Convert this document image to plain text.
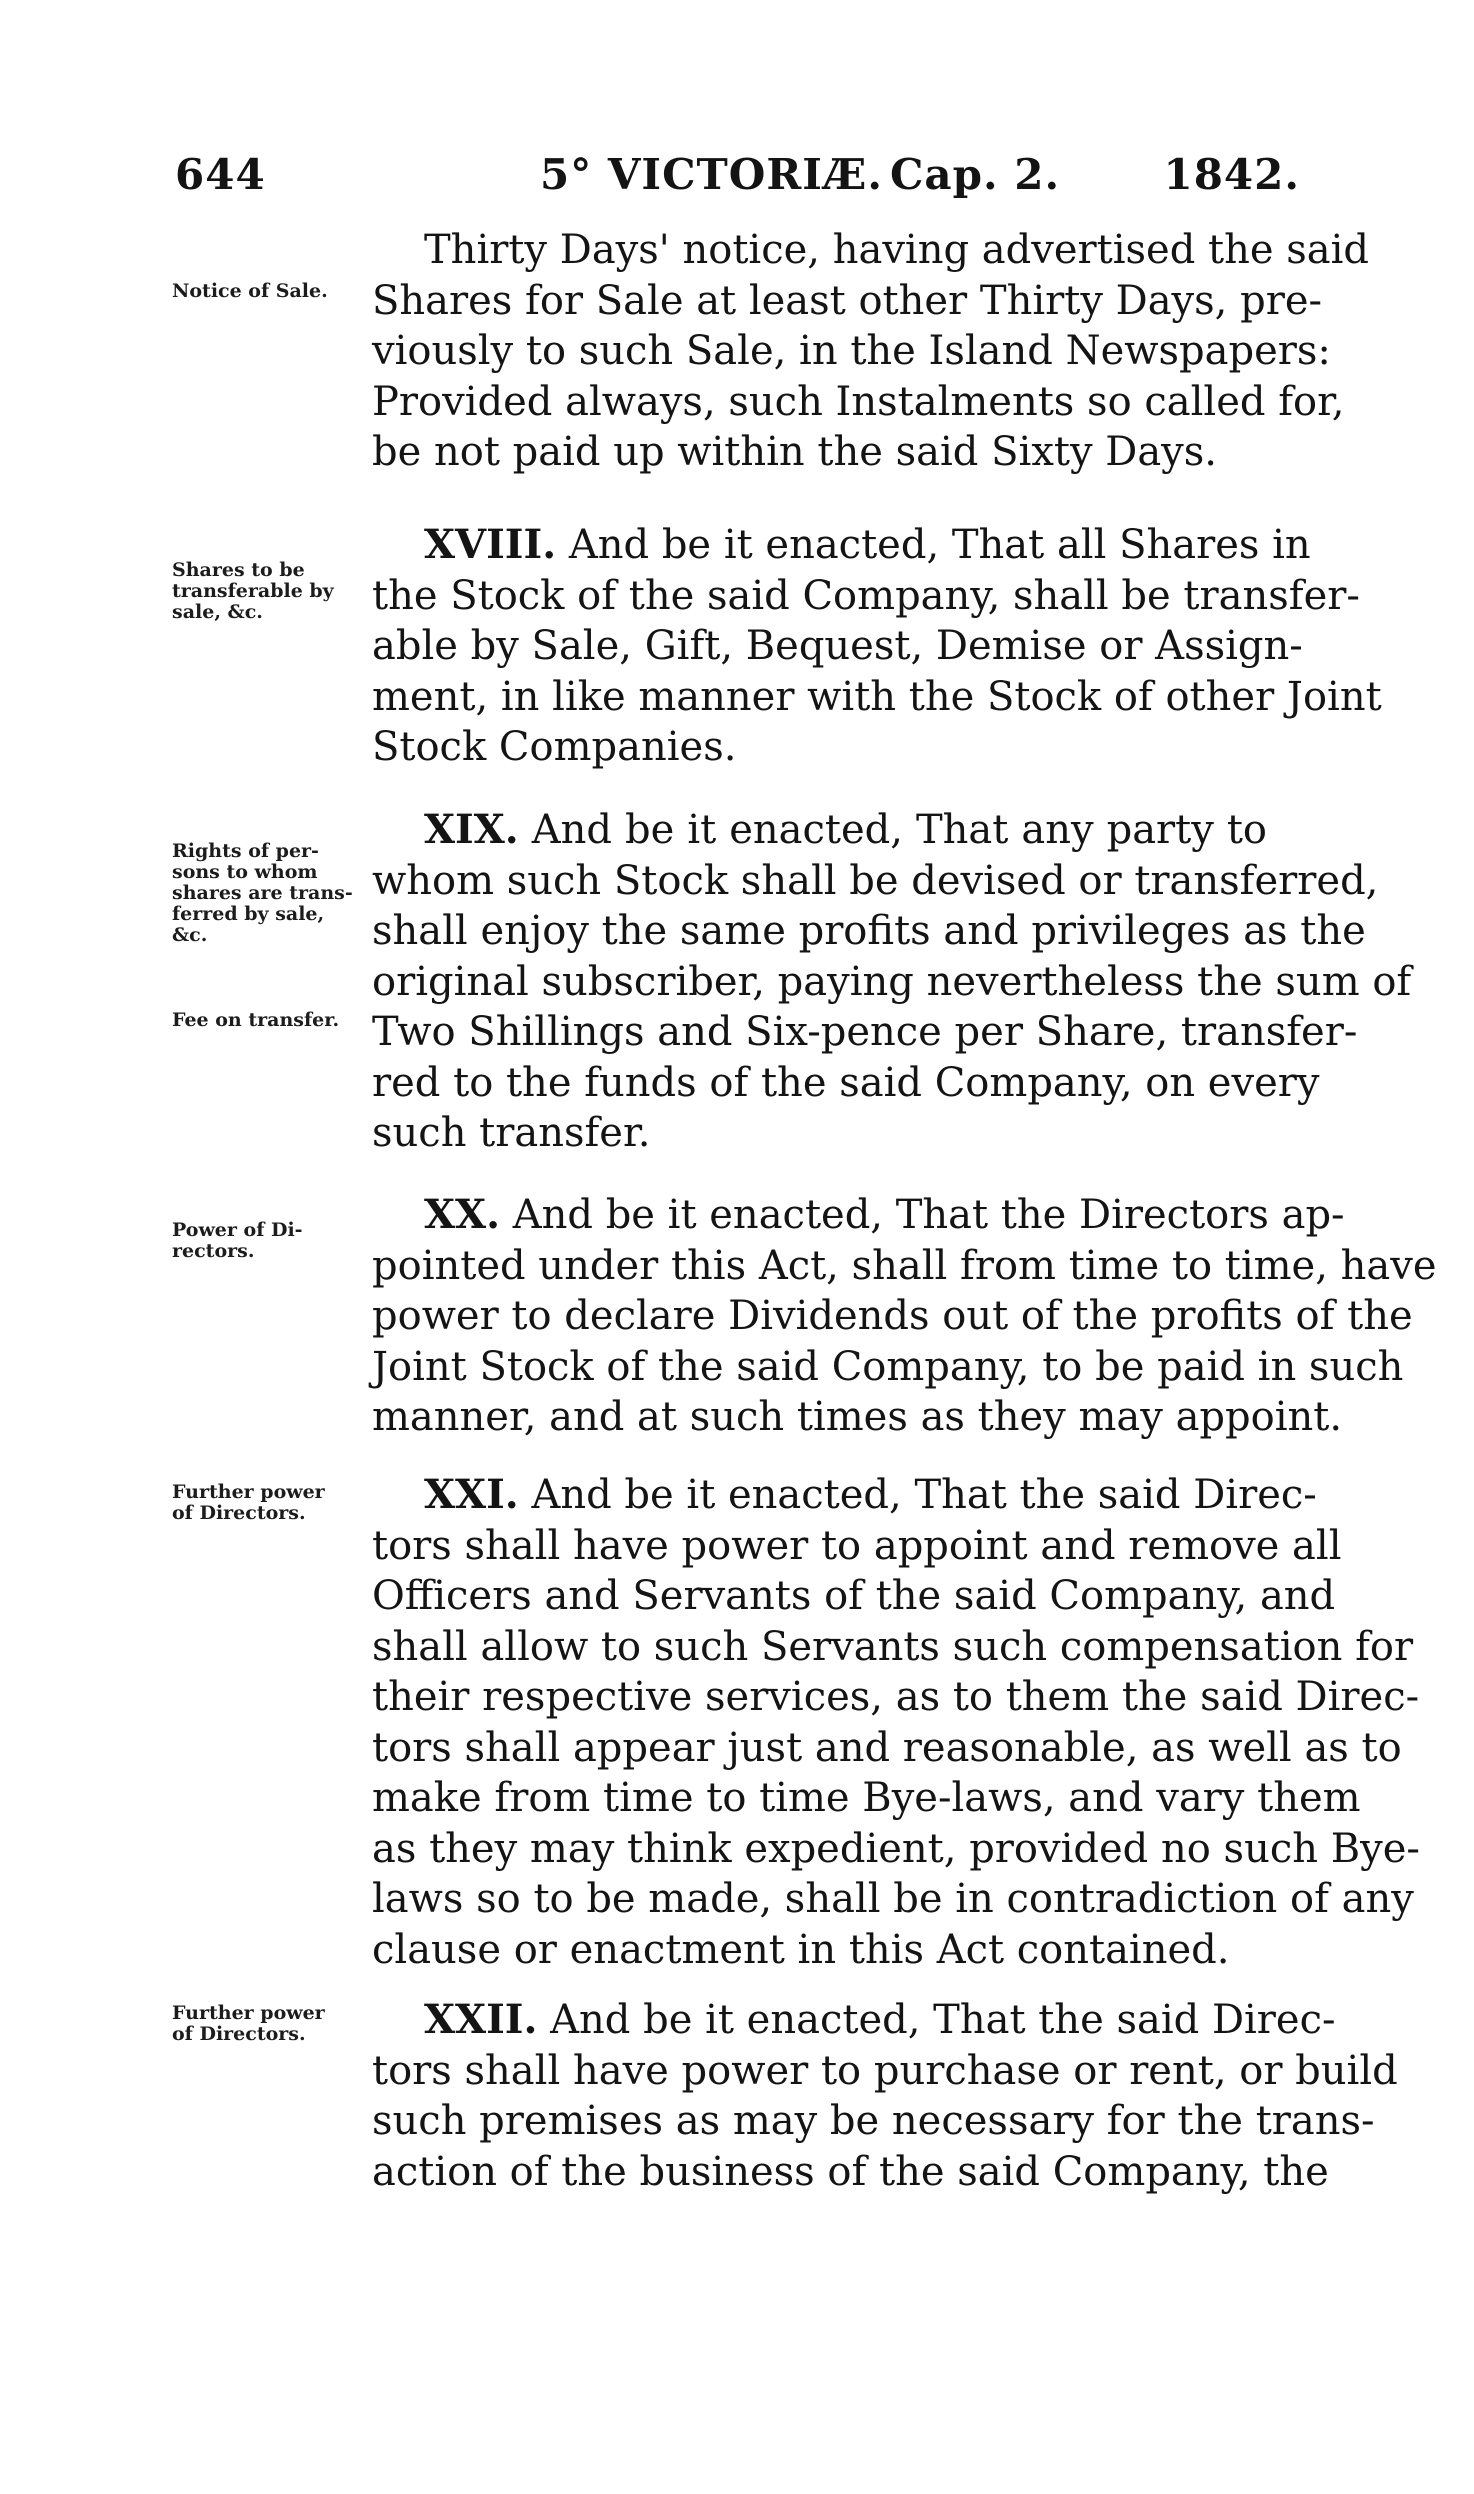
644	5° VICTORIÆ. Cap. 2. 1842.
Notice of Sale.
Thirty Days' notice, having advertised the said
Shares for Sale at least other Thirty Days, pre-
viously to such Sale, in the Island Newspapers:
Provided always, such Instalments so called for,
be not paid up within the said Sixty Days.
Shares to be
transferable by
sale, &c.
XVIII. And be it enacted, That all Shares in
the Stock of the said Company, shall be transfer-
able by Sale, Gift, Bequest, Demise or Assign-
ment, in like manner with the Stock of other Joint
Stock Companies.
Rights of per-
sons to whom
shares are trans-
ferred by sale,
&c.
Fee on transfer.
XIX. And be it enacted, That any party to
whom such Stock shall be devised or transferred,
shall enjoy the same profits and privileges as the
original subscriber, paying nevertheless the sum of
Two Shillings and Six-pence per Share, transfer-
red to the funds of the said Company, on every
such transfer.
Power of Di-
rectors.
XX. And be it enacted, That the Directors ap-
pointed under this Act, shall from time to time, have
power to declare Dividends out of the profits of the
Joint Stock of the said Company, to be paid in such
manner, and at such times as they may appoint.
Further power
of Directors.	XXI. And be it enacted, That the said Direc-
tors shall have power to appoint and remove all
Officers and Servants of the said Company, and
shall allow to such Servants such compensation for
their respective services, as to them the said Direc-
tors shall appear just and reasonable, as well as to
make from time to time Bye-laws, and vary them
as they may think expedient, provided no such Bye-
laws so to be made, shall be in contradiction of any
clause or enactment in this Act contained.
Further power
of Directors.	XXII. And be it enacted, That the said Direc-
tors shall have power to purchase or rent, or build
such premises as may be necessary for the trans-
action of the business of the said Company, the
